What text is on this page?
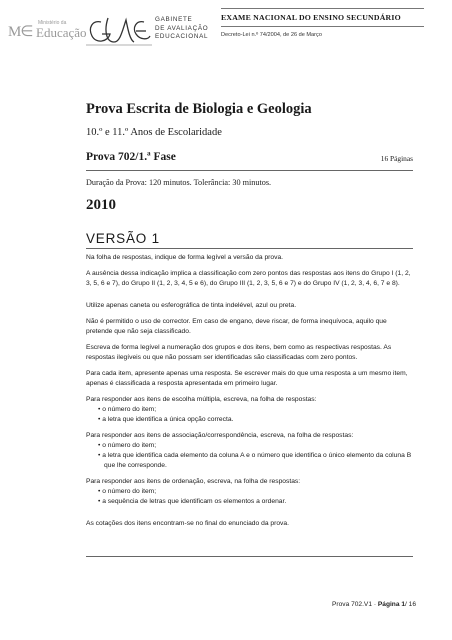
M∈
Ministério da
Educação
GABINETE
DE AVALIAÇÃO
EDUCACIONAL
EXAME NACIONAL DO ENSINO SECUNDÁRIO
Decreto-Lei n.º 74/2004, de 26 de Março
Prova Escrita de Biologia e Geologia
10.º e 11.º Anos de Escolaridade
Prova 702/1.ª Fase	16 Páginas
Duração da Prova: 120 minutos. Tolerância: 30 minutos.
2010
VERSÃO 1

Na folha de respostas, indique de forma legível a versão da prova.

A ausência dessa indicação implica a classificação com zero pontos das respostas aos itens do Grupo I (1, 2, 3, 5, 6 e 7), do Grupo II (1, 2, 3, 4, 5 e 6), do Grupo III (1, 2, 3, 5, 6 e 7) e do Grupo IV (1, 2, 3, 4, 6, 7 e 8).

Utilize apenas caneta ou esferográfica de tinta indelével, azul ou preta.

Não é permitido o uso de corrector. Em caso de engano, deve riscar, de forma inequívoca, aquilo que pretende que não seja classificado.

Escreva de forma legível a numeração dos grupos e dos itens, bem como as respectivas respostas. As respostas ilegíveis ou que não possam ser identificadas são classificadas com zero pontos.

Para cada item, apresente apenas uma resposta. Se escrever mais do que uma resposta a um mesmo item, apenas é classificada a resposta apresentada em primeiro lugar.

Para responder aos itens de escolha múltipla, escreva, na folha de respostas:

• o número do item;

• a letra que identifica a única opção correcta.

Para responder aos itens de associação/correspondência, escreva, na folha de respostas:

• o número do item;

• a letra que identifica cada elemento da coluna A e o número que identifica o único elemento da coluna B que lhe corresponde.

Para responder aos itens de ordenação, escreva, na folha de respostas:

• o número do item;

• a sequência de letras que identificam os elementos a ordenar.

As cotações dos itens encontram-se no final do enunciado da prova.

Prova 702.V1 · Página 1/ 16
